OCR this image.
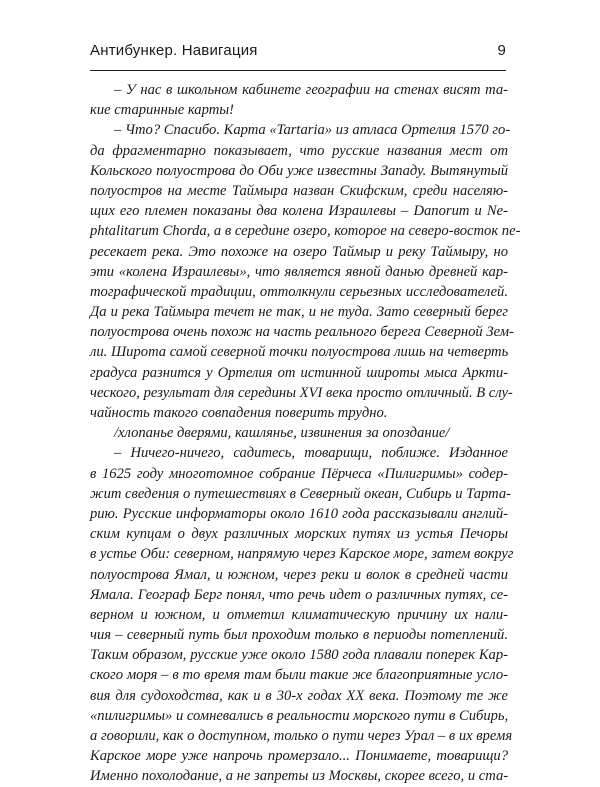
Антибункер. Навигация	9
– У нас в школьном кабинете географии на стенах висят та-
кие старинные карты!
– Что? Спасибо. Карта «Tartaria» из атласа Ортелия 1570 го-
да фрагментарно показывает, что русские названия мест от
Кольского полуострова до Оби уже известны Западу. Вытянутый
полуостров на месте Таймыра назван Скифским, среди населяю-
щих его племен показаны два колена Израилевы – Danorum и Ne-
phtalitarum Chorda, а в середине озеро, которое на северо-восток пе-
ресекает река. Это похоже на озеро Таймыр и реку Таймыру, но
эти «колена Израилевы», что является явной данью древней кар-
тографической традиции, оттолкнули серьезных исследователей.
Да и река Таймыра течет не так, и не туда. Зато северный берег
полуострова очень похож на часть реального берега Северной Зем-
ли. Широта самой северной точки полуострова лишь на четверть
градуса разнится у Ортелия от истинной широты мыса Аркти-
ческого, результат для середины XVI века просто отличный. В слу-
чайность такого совпадения поверить трудно.
/хлопанье дверями, кашлянье, извинения за опоздание/
– Ничего-ничего, садитесь, товарищи, поближе. Изданное
в 1625 году многотомное собрание Пёрчеса «Пилигримы» содер-
жит сведения о путешествиях в Северный океан, Сибирь и Тарта-
рию. Русские информаторы около 1610 года рассказывали англий-
ским купцам о двух различных морских путях из устья Печоры
в устье Оби: северном, напрямую через Карское море, затем вокруг
полуострова Ямал, и южном, через реки и волок в средней части
Ямала. Географ Берг понял, что речь идет о различных путях, се-
верном и южном, и отметил климатическую причину их нали-
чия – северный путь был проходим только в периоды потеплений.
Таким образом, русские уже около 1580 года плавали поперек Кар-
ского моря – в то время там были такие же благоприятные усло-
вия для судоходства, как и в 30-х годах XX века. Поэтому те же
«пилигримы» и сомневались в реальности морского пути в Сибирь,
а говорили, как о доступном, только о пути через Урал – в их время
Карское море уже напрочь промерзало... Понимаете, товарищи?
Именно похолодание, а не запреты из Москвы, скорее всего, и ста-
